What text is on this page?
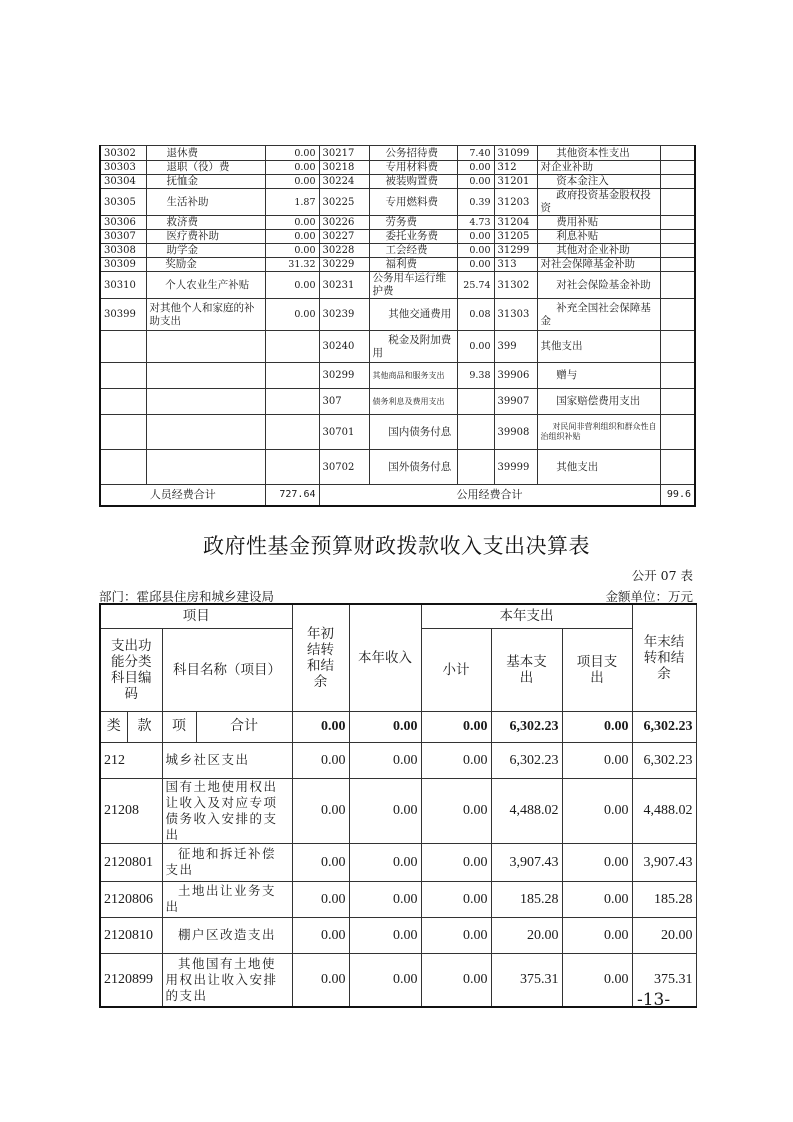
30302	退休费	0.00	30217	公务招待费	7.40	31099	其他资本性支出	
30303	退职（役）费	0.00	30218	专用材料费	0.00	312	对企业补助	
30304	抚恤金	0.00	30224	被装购置费	0.00	31201	资本金注入	
30305	生活补助	1.87	30225	专用燃料费	0.39	31203	政府投资基金股权投资	
30306	救济费	0.00	30226	劳务费	4.73	31204	费用补贴	
30307	医疗费补助	0.00	30227	委托业务费	0.00	31205	利息补贴	
30308	助学金	0.00	30228	工会经费	0.00	31299	其他对企业补助	
30309	奖励金	31.32	30229	福利费	0.00	313	对社会保障基金补助	
30310	个人农业生产补贴	0.00	30231	公务用车运行维护费	25.74	31302	对社会保险基金补助	
30399	对其他个人和家庭的补助支出	0.00	30239	其他交通费用	0.08	31303	补充全国社会保障基金	
			30240	税金及附加费用	0.00	399	其他支出	
			30299	其他商品和服务支出	9.38	39906	赠与	
			307	债务利息及费用支出		39907	国家赔偿费用支出	
			30701	国内债务付息		39908	对民间非营利组织和群众性自治组织补贴	
			30702	国外债务付息		39999	其他支出	
人员经费合计		727.64	公用经费合计					99.6
政府性基金预算财政拨款收入支出决算表
公开 07 表
部门：霍邱县住房和城乡建设局	金额单位：万元
项目				年初结转和结余	本年收入	本年支出			年末结转和结余
支出功能分类科目编码		科目名称（项目）				小计	基本支出	项目支出	
类	款	项	合计	0.00	0.00	0.00	6,302.23	0.00	6,302.23
212		城乡社区支出		0.00	0.00	0.00	6,302.23	0.00	6,302.23
21208		国有土地使用权出让收入及对应专项债务收入安排的支出		0.00	0.00	0.00	4,488.02	0.00	4,488.02
2120801		征地和拆迁补偿支出		0.00	0.00	0.00	3,907.43	0.00	3,907.43
2120806		土地出让业务支出		0.00	0.00	0.00	185.28	0.00	185.28
2120810		棚户区改造支出		0.00	0.00	0.00	20.00	0.00	20.00
2120899		其他国有土地使用权出让收入安排的支出		0.00	0.00	0.00	375.31	0.00	375.31
-13-
